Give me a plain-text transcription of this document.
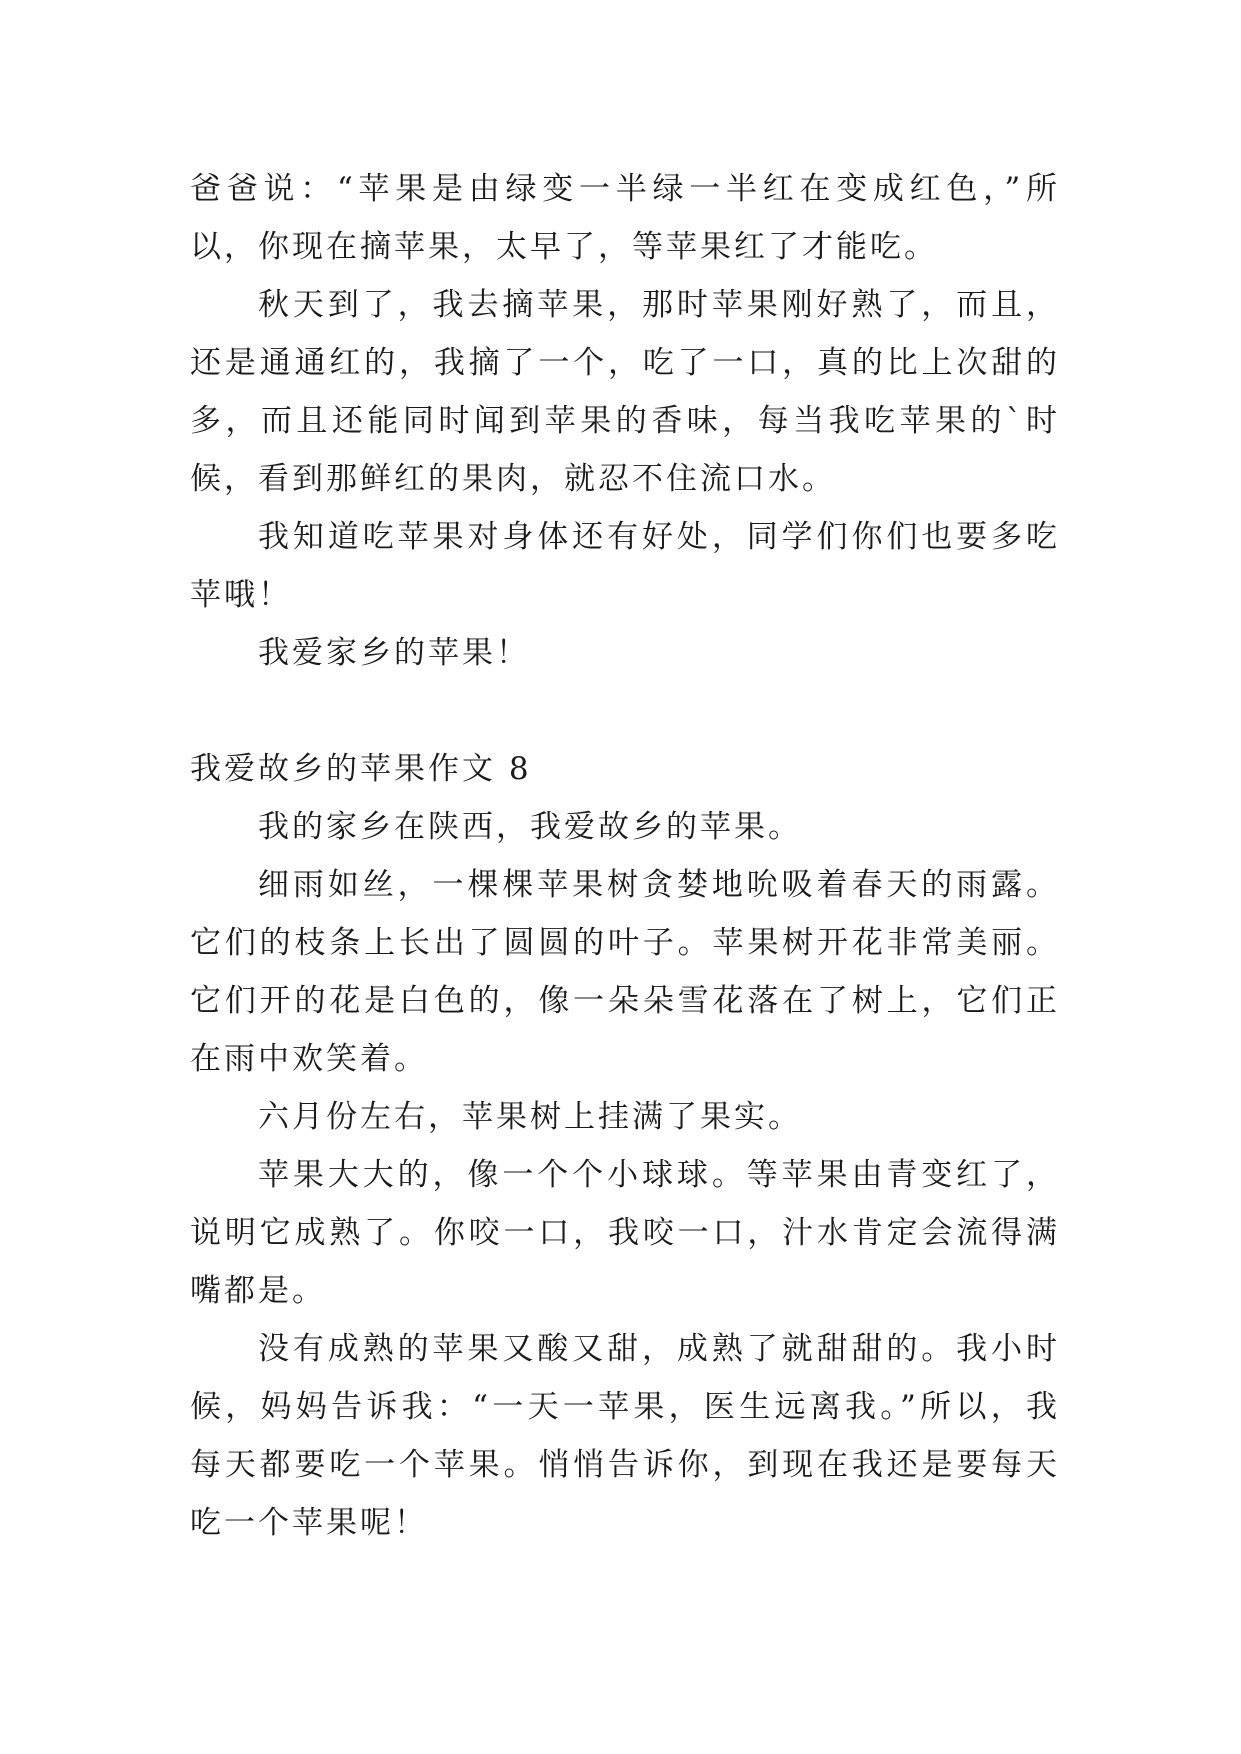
爸爸说：“苹果是由绿变一半绿一半红在变成红色，”所以，你现在摘苹果，太早了，等苹果红了才能吃。

秋天到了，我去摘苹果，那时苹果刚好熟了，而且，还是通通红的，我摘了一个，吃了一口，真的比上次甜的多，而且还能同时闻到苹果的香味，每当我吃苹果的`时候，看到那鲜红的果肉，就忍不住流口水。

我知道吃苹果对身体还有好处，同学们你们也要多吃苹哦！

我爱家乡的苹果！

我爱故乡的苹果作文 8

我的家乡在陕西，我爱故乡的苹果。

细雨如丝，一棵棵苹果树贪婪地吮吸着春天的雨露。它们的枝条上长出了圆圆的叶子。苹果树开花非常美丽。它们开的花是白色的，像一朵朵雪花落在了树上，它们正在雨中欢笑着。

六月份左右，苹果树上挂满了果实。

苹果大大的，像一个个小球球。等苹果由青变红了，说明它成熟了。你咬一口，我咬一口，汁水肯定会流得满嘴都是。

没有成熟的苹果又酸又甜，成熟了就甜甜的。我小时候，妈妈告诉我：“一天一苹果，医生远离我。”所以，我每天都要吃一个苹果。悄悄告诉你，到现在我还是要每天吃一个苹果呢！
